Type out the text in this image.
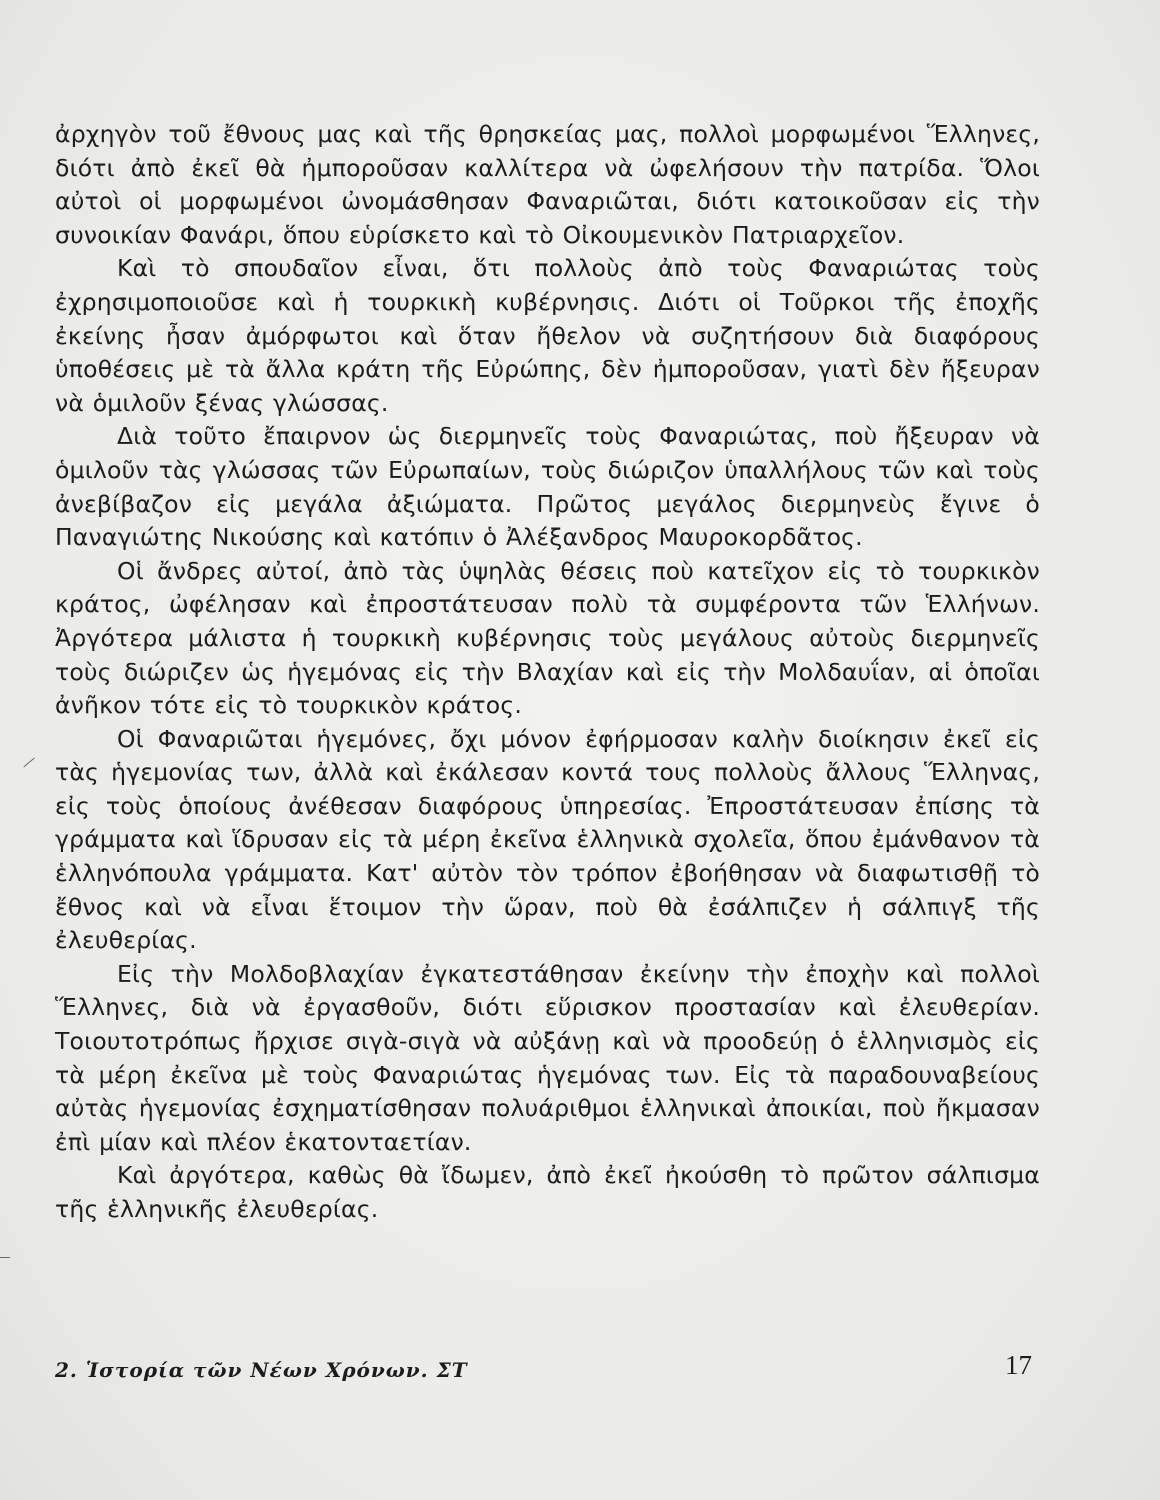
ἀρχηγὸν τοῦ ἔθνους μας καὶ τῆς θρησκείας μας, πολλοὶ μορφωμένοι Ἕλληνες, διότι ἀπὸ ἐκεῖ θὰ ἠμποροῦσαν καλλίτερα νὰ ὠφελήσουν τὴν πατρίδα. Ὅλοι αὐτοὶ οἱ μορφωμένοι ὠνομάσθησαν Φαναριῶται, διότι κατοικοῦσαν εἰς τὴν συνοικίαν Φανάρι, ὅπου εὑρίσκετο καὶ τὸ Οἰκουμενικὸν Πατριαρχεῖον.

Καὶ τὸ σπουδαῖον εἶναι, ὅτι πολλοὺς ἀπὸ τοὺς Φαναριώτας τοὺς ἐχρησιμοποιοῦσε καὶ ἡ τουρκικὴ κυβέρνησις. Διότι οἱ Τοῦρκοι τῆς ἐποχῆς ἐκείνης ἦσαν ἀμόρφωτοι καὶ ὅταν ἤθελον νὰ συζητήσουν διὰ διαφόρους ὑποθέσεις μὲ τὰ ἄλλα κράτη τῆς Εὐρώπης, δὲν ἠμποροῦσαν, γιατὶ δὲν ἤξευραν νὰ ὁμιλοῦν ξένας γλώσσας.

Διὰ τοῦτο ἔπαιρνον ὡς διερμηνεῖς τοὺς Φαναριώτας, ποὺ ἤξευραν νὰ ὁμιλοῦν τὰς γλώσσας τῶν Εὐρωπαίων, τοὺς διώριζον ὑπαλλήλους τῶν καὶ τοὺς ἀνεβίβαζον εἰς μεγάλα ἀξιώματα. Πρῶτος μεγάλος διερμηνεὺς ἔγινε ὁ Παναγιώτης Νικούσης καὶ κατόπιν ὁ Ἀλέξανδρος Μαυροκορδᾶτος.

Οἱ ἄνδρες αὐτοί, ἀπὸ τὰς ὑψηλὰς θέσεις ποὺ κατεῖχον εἰς τὸ τουρκικὸν κράτος, ὠφέλησαν καὶ ἐπροστάτευσαν πολὺ τὰ συμφέροντα τῶν Ἑλλήνων. Ἀργότερα μάλιστα ἡ τουρκικὴ κυβέρνησις τοὺς μεγάλους αὐτοὺς διερμηνεῖς τοὺς διώριζεν ὡς ἡγεμόνας εἰς τὴν Βλαχίαν καὶ εἰς τὴν Μολδαυΐαν, αἱ ὁποῖαι ἀνῆκον τότε εἰς τὸ τουρκικὸν κράτος.

Οἱ Φαναριῶται ἡγεμόνες, ὄχι μόνον ἐφήρμοσαν καλὴν διοίκησιν ἐκεῖ εἰς τὰς ἡγεμονίας των, ἀλλὰ καὶ ἐκάλεσαν κοντά τους πολλοὺς ἄλλους Ἕλληνας, εἰς τοὺς ὁποίους ἀνέθεσαν διαφόρους ὑπηρεσίας. Ἐπροστάτευσαν ἐπίσης τὰ γράμματα καὶ ἵδρυσαν εἰς τὰ μέρη ἐκεῖνα ἑλληνικὰ σχολεῖα, ὅπου ἐμάνθανον τὰ ἑλληνόπουλα γράμματα. Κατ' αὐτὸν τὸν τρόπον ἐβοήθησαν νὰ διαφωτισθῇ τὸ ἔθνος καὶ νὰ εἶναι ἕτοιμον τὴν ὥραν, ποὺ θὰ ἐσάλπιζεν ἡ σάλπιγξ τῆς ἐλευθερίας.

Εἰς τὴν Μολδοβλαχίαν ἐγκατεστάθησαν ἐκείνην τὴν ἐποχὴν καὶ πολλοὶ Ἕλληνες, διὰ νὰ ἐργασθοῦν, διότι εὕρισκον προστασίαν καὶ ἐλευθερίαν. Τοιουτοτρόπως ἤρχισε σιγὰ-σιγὰ νὰ αὐξάνῃ καὶ νὰ προοδεύῃ ὁ ἑλληνισμὸς εἰς τὰ μέρη ἐκεῖνα μὲ τοὺς Φαναριώτας ἡγεμόνας των. Εἰς τὰ παραδουναβείους αὐτὰς ἡγεμονίας ἐσχηματίσθησαν πολυάριθμοι ἑλληνικαὶ ἀποικίαι, ποὺ ἤκμασαν ἐπὶ μίαν καὶ πλέον ἑκατονταετίαν.

Καὶ ἀργότερα, καθὼς θὰ ἴδωμεν, ἀπὸ ἐκεῖ ἠκούσθη τὸ πρῶτον σάλπισμα τῆς ἑλληνικῆς ἐλευθερίας.

2. Ἱστορία τῶν Νέων Χρόνων. ΣΤ	17
